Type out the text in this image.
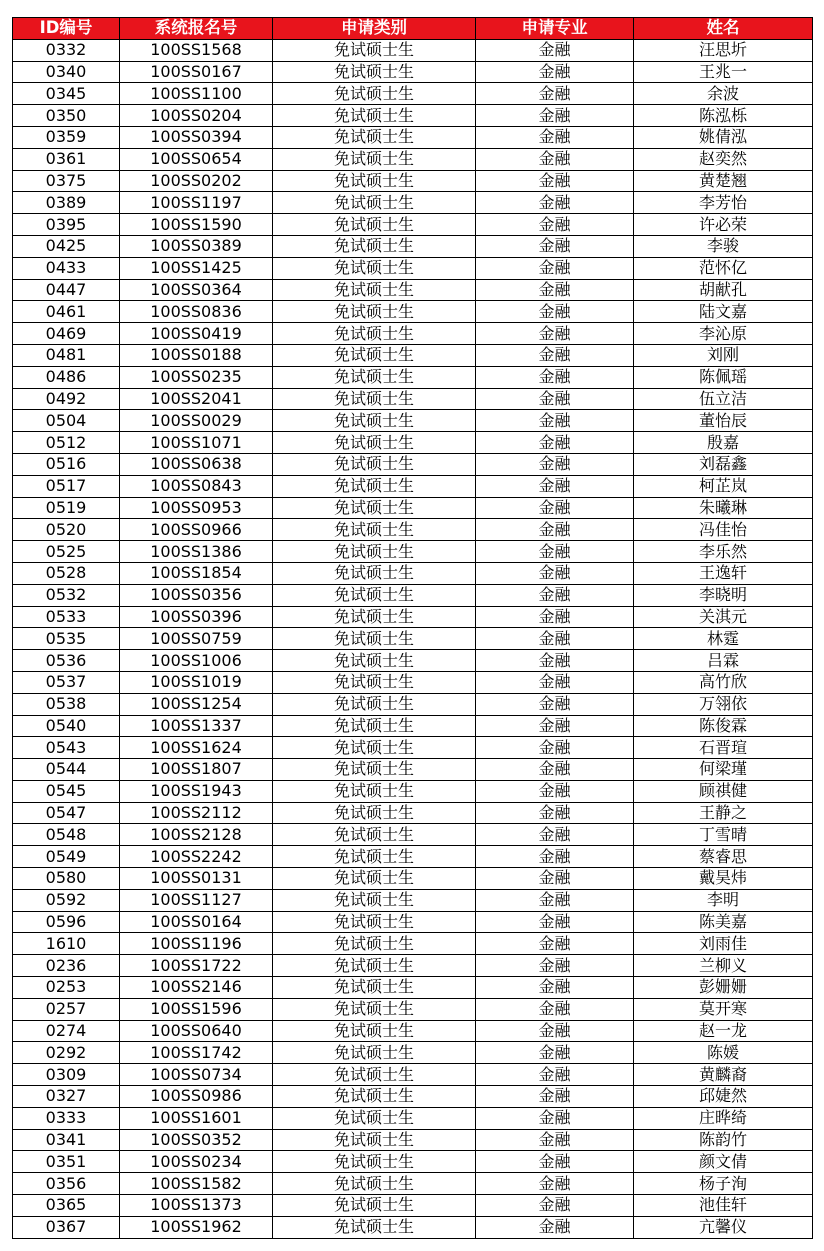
ID编号	系统报名号	申请类别	申请专业	姓名
0332	100SS1568	免试硕士生	金融	汪思圻
0340	100SS0167	免试硕士生	金融	王兆一
0345	100SS1100	免试硕士生	金融	余波
0350	100SS0204	免试硕士生	金融	陈泓栎
0359	100SS0394	免试硕士生	金融	姚倩泓
0361	100SS0654	免试硕士生	金融	赵奕然
0375	100SS0202	免试硕士生	金融	黄楚翘
0389	100SS1197	免试硕士生	金融	李芳怡
0395	100SS1590	免试硕士生	金融	许必荣
0425	100SS0389	免试硕士生	金融	李骏
0433	100SS1425	免试硕士生	金融	范怀亿
0447	100SS0364	免试硕士生	金融	胡献孔
0461	100SS0836	免试硕士生	金融	陆文嘉
0469	100SS0419	免试硕士生	金融	李沁原
0481	100SS0188	免试硕士生	金融	刘刚
0486	100SS0235	免试硕士生	金融	陈佩瑶
0492	100SS2041	免试硕士生	金融	伍立洁
0504	100SS0029	免试硕士生	金融	董怡辰
0512	100SS1071	免试硕士生	金融	殷嘉
0516	100SS0638	免试硕士生	金融	刘磊鑫
0517	100SS0843	免试硕士生	金融	柯芷岚
0519	100SS0953	免试硕士生	金融	朱曦琳
0520	100SS0966	免试硕士生	金融	冯佳怡
0525	100SS1386	免试硕士生	金融	李乐然
0528	100SS1854	免试硕士生	金融	王逸轩
0532	100SS0356	免试硕士生	金融	李晓明
0533	100SS0396	免试硕士生	金融	关淇元
0535	100SS0759	免试硕士生	金融	林霆
0536	100SS1006	免试硕士生	金融	吕霖
0537	100SS1019	免试硕士生	金融	高竹欣
0538	100SS1254	免试硕士生	金融	万翎依
0540	100SS1337	免试硕士生	金融	陈俊霖
0543	100SS1624	免试硕士生	金融	石晋瑄
0544	100SS1807	免试硕士生	金融	何梁瑾
0545	100SS1943	免试硕士生	金融	顾祺健
0547	100SS2112	免试硕士生	金融	王静之
0548	100SS2128	免试硕士生	金融	丁雪晴
0549	100SS2242	免试硕士生	金融	蔡睿思
0580	100SS0131	免试硕士生	金融	戴昊炜
0592	100SS1127	免试硕士生	金融	李明
0596	100SS0164	免试硕士生	金融	陈美嘉
1610	100SS1196	免试硕士生	金融	刘雨佳
0236	100SS1722	免试硕士生	金融	兰柳义
0253	100SS2146	免试硕士生	金融	彭姗姗
0257	100SS1596	免试硕士生	金融	莫开寒
0274	100SS0640	免试硕士生	金融	赵一龙
0292	100SS1742	免试硕士生	金融	陈媛
0309	100SS0734	免试硕士生	金融	黄麟裔
0327	100SS0986	免试硕士生	金融	邱婕然
0333	100SS1601	免试硕士生	金融	庄晔绮
0341	100SS0352	免试硕士生	金融	陈韵竹
0351	100SS0234	免试硕士生	金融	颜文倩
0356	100SS1582	免试硕士生	金融	杨子洵
0365	100SS1373	免试硕士生	金融	池佳轩
0367	100SS1962	免试硕士生	金融	亢馨仪
